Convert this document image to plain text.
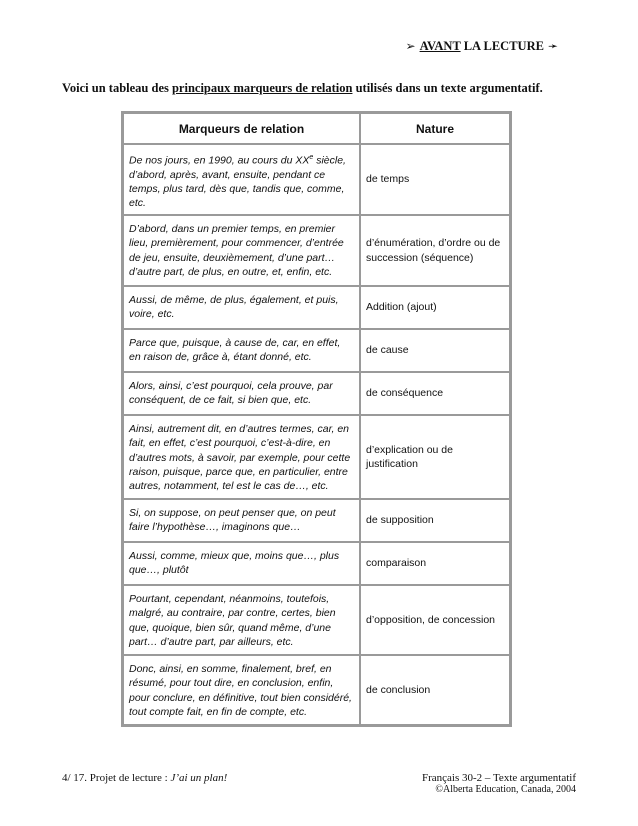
➢ AVANT LA LECTURE ➛
Voici un tableau des principaux marqueurs de relation utilisés dans un texte argumentatif.
Marqueurs de relation	Nature
De nos jours, en 1990, au cours du XXe siècle, d’abord, après, avant, ensuite, pendant ce temps, plus tard, dès que, tandis que, comme, etc.	de temps
D’abord, dans un premier temps, en premier lieu, premièrement, pour commencer, d’entrée de jeu, ensuite, deuxièmement, d’une part… d’autre part, de plus, en outre, et, enfin, etc.	d’énumération, d’ordre ou de succession (séquence)
Aussi, de même, de plus, également, et puis, voire, etc.	Addition (ajout)
Parce que, puisque, à cause de, car, en effet, en raison de, grâce à, étant donné, etc.	de cause
Alors, ainsi, c’est pourquoi, cela prouve, par conséquent, de ce fait, si bien que, etc.	de conséquence
Ainsi, autrement dit, en d’autres termes, car, en fait, en effet, c’est pourquoi, c’est-à-dire, en d’autres mots, à savoir, par exemple, pour cette raison, puisque, parce que, en particulier, entre autres, notamment, tel est le cas de…, etc.	d’explication ou de justification
Si, on suppose, on peut penser que, on peut faire l’hypothèse…, imaginons que…	de supposition
Aussi, comme, mieux que, moins que…, plus que…, plutôt	comparaison
Pourtant, cependant, néanmoins, toutefois, malgré, au contraire, par contre, certes, bien que, quoique, bien sûr, quand même, d’une part… d’autre part, par ailleurs, etc.	d’opposition, de concession
Donc, ainsi, en somme, finalement, bref, en résumé, pour tout dire, en conclusion, enfin, pour conclure, en définitive, tout bien considéré, tout compte fait, en fin de compte, etc.	de conclusion
4/ 17. Projet de lecture : J’ai un plan!	Français 30-2 – Texte argumentatif
©Alberta Education, Canada, 2004
